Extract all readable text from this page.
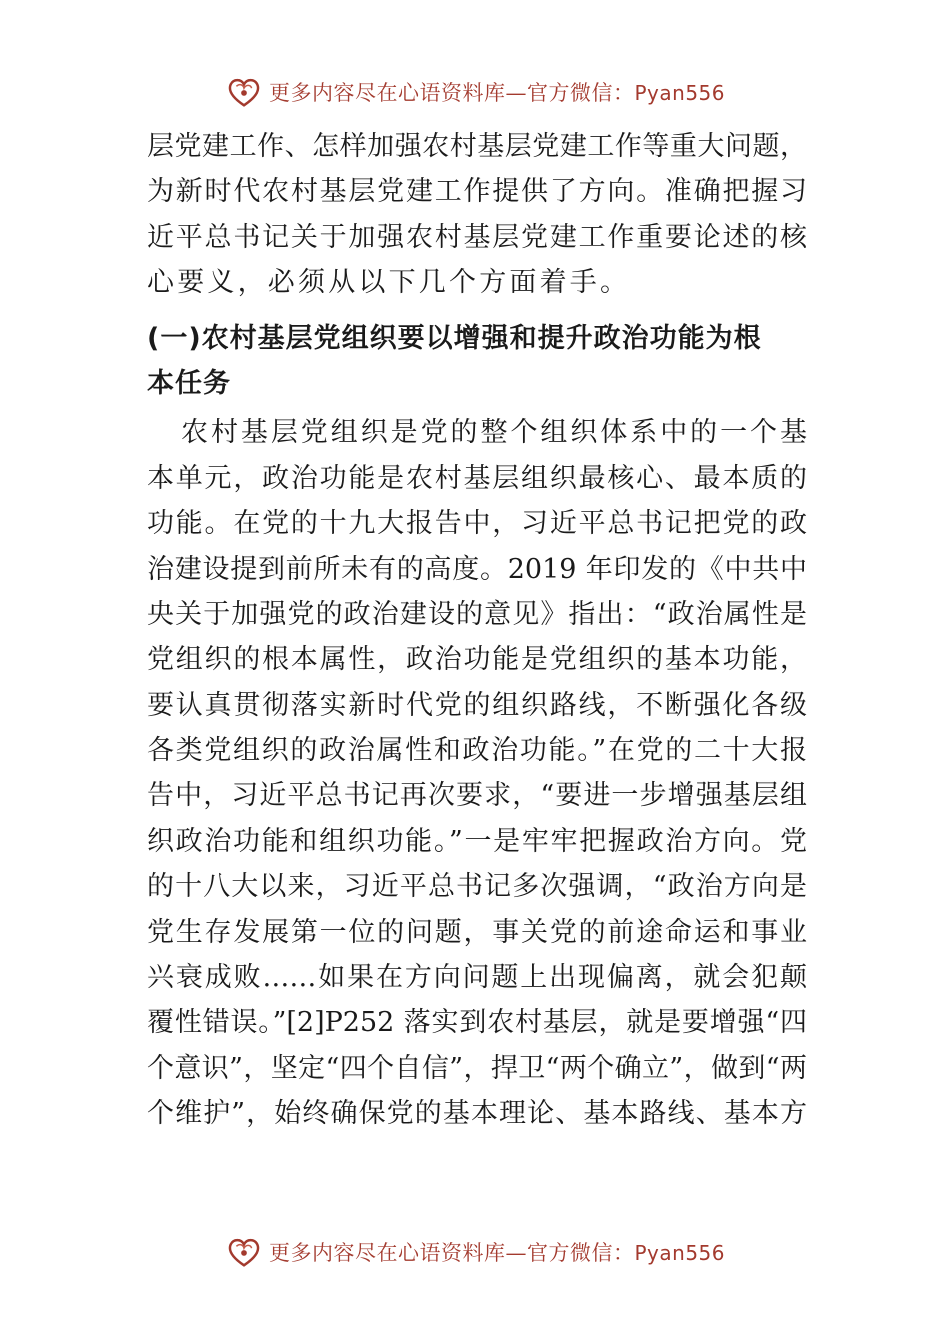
更多内容尽在心语资料库—官方微信：Pyan556
层党建工作、怎样加强农村基层党建工作等重大问题，
为新时代农村基层党建工作提供了方向。准确把握习
近平总书记关于加强农村基层党建工作重要论述的核
心要义，必须从以下几个方面着手。
(一)农村基层党组织要以增强和提升政治功能为根
本任务
农村基层党组织是党的整个组织体系中的一个基
本单元，政治功能是农村基层组织最核心、最本质的
功能。在党的十九大报告中，习近平总书记把党的政
治建设提到前所未有的高度。2019 年印发的《中共中
央关于加强党的政治建设的意见》指出：“政治属性是
党组织的根本属性，政治功能是党组织的基本功能，
要认真贯彻落实新时代党的组织路线，不断强化各级
各类党组织的政治属性和政治功能。”在党的二十大报
告中，习近平总书记再次要求，“要进一步增强基层组
织政治功能和组织功能。”一是牢牢把握政治方向。党
的十八大以来，习近平总书记多次强调，“政治方向是
党生存发展第一位的问题，事关党的前途命运和事业
兴衰成败……如果在方向问题上出现偏离，就会犯颠
覆性错误。”[2]P252 落实到农村基层，就是要增强“四
个意识”，坚定“四个自信”，捍卫“两个确立”，做到“两
个维护”，始终确保党的基本理论、基本路线、基本方
更多内容尽在心语资料库—官方微信：Pyan556
